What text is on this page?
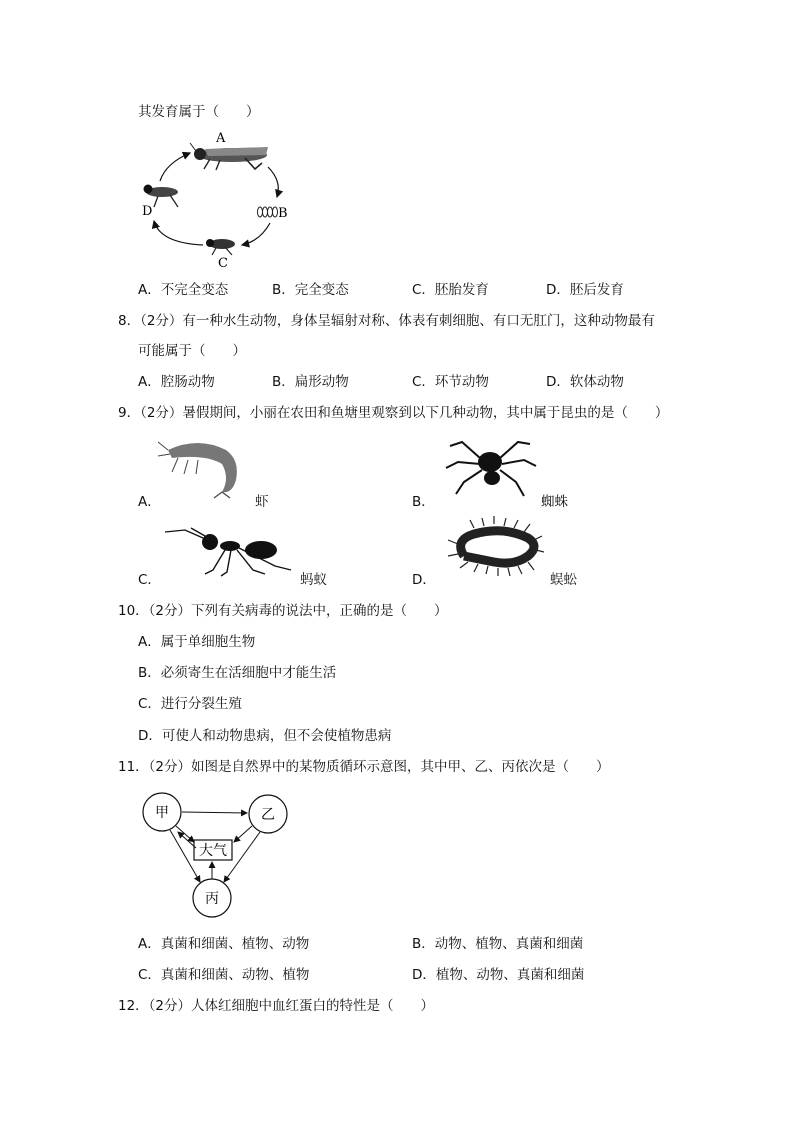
其发育属于（　　）
A
B
C
D
A．不完全变态	B．完全变态	C．胚胎发育	D．胚后发育
8．（2分）有一种水生动物，身体呈辐射对称、体表有刺细胞、有口无肛门，这种动物最有
可能属于（　　）
A．腔肠动物	B．扁形动物	C．环节动物	D．软体动物
9．（2分）暑假期间，小丽在农田和鱼塘里观察到以下几种动物，其中属于昆虫的是（　　）
A．	虾	B．	蜘蛛
C．	蚂蚁	D．	蜈蚣
10．（2分）下列有关病毒的说法中，正确的是（　　）
A．属于单细胞生物
B．必须寄生在活细胞中才能生活
C．进行分裂生殖
D．可使人和动物患病，但不会使植物患病
11．（2分）如图是自然界中的某物质循环示意图，其中甲、乙、丙依次是（　　）
甲	乙
丙
大气
A．真菌和细菌、植物、动物	B．动物、植物、真菌和细菌
C．真菌和细菌、动物、植物	D．植物、动物、真菌和细菌
12．（2分）人体红细胞中血红蛋白的特性是（　　）
